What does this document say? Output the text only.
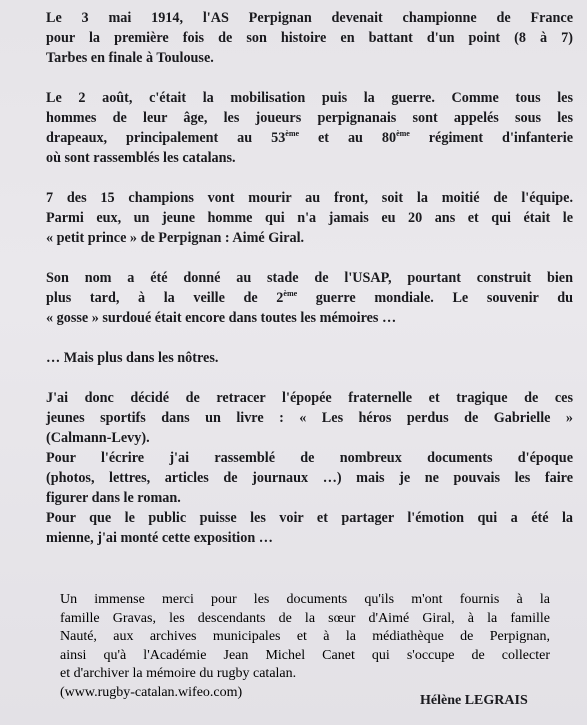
Le 3 mai 1914, l'AS Perpignan devenait championne de France
pour la première fois de son histoire en battant d'un point (8 à 7)
Tarbes en finale à Toulouse.
Le 2 août, c'était la mobilisation puis la guerre. Comme tous les
hommes de leur âge, les joueurs perpignanais sont appelés sous les
drapeaux, principalement au 53ème et au 80ème régiment d'infanterie
où sont rassemblés les catalans.
7 des 15 champions vont mourir au front, soit la moitié de l'équipe.
Parmi eux, un jeune homme qui n'a jamais eu 20 ans et qui était le
« petit prince » de Perpignan : Aimé Giral.
Son nom a été donné au stade de l'USAP, pourtant construit bien
plus tard, à la veille de 2ème guerre mondiale. Le souvenir du
« gosse » surdoué était encore dans toutes les mémoires …
… Mais plus dans les nôtres.
J'ai donc décidé de retracer l'épopée fraternelle et tragique de ces
jeunes sportifs dans un livre : « Les héros perdus de Gabrielle »
(Calmann-Levy).
Pour l'écrire j'ai rassemblé de nombreux documents d'époque
(photos, lettres, articles de journaux …) mais je ne pouvais les faire
figurer dans le roman.
Pour que le public puisse les voir et partager l'émotion qui a été la
mienne, j'ai monté cette exposition …
Un immense merci pour les documents qu'ils m'ont fournis à la
famille Gravas, les descendants de la sœur d'Aimé Giral, à la famille
Nauté, aux archives municipales et à la médiathèque de Perpignan,
ainsi qu'à l'Académie Jean Michel Canet qui s'occupe de collecter
et d'archiver la mémoire du rugby catalan.
(www.rugby-catalan.wifeo.com)
Hélène LEGRAIS
